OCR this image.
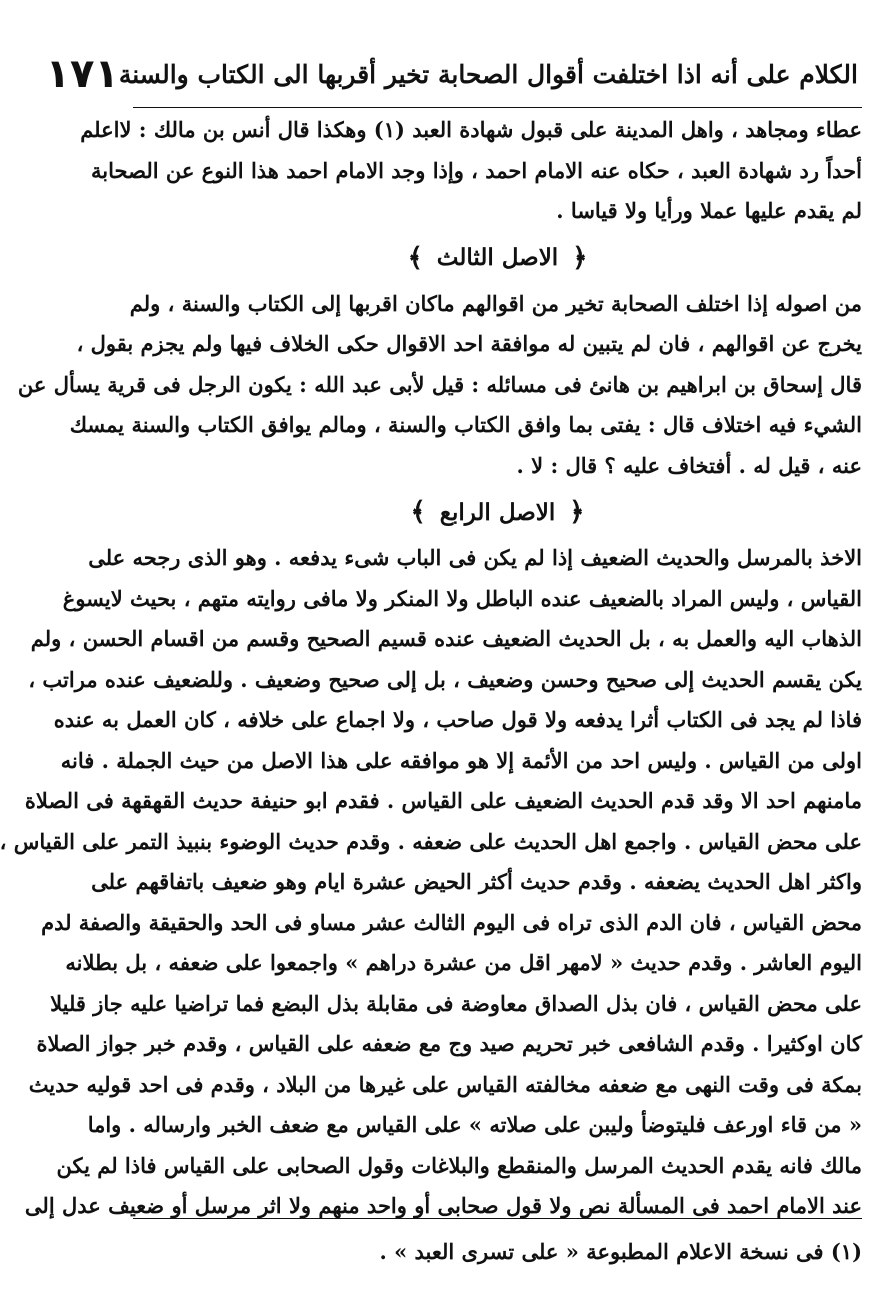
الكلام على أنه اذا اختلفت أقوال الصحابة تخير أقربها الى الكتاب والسنة
١٧١
عطاء ومجاهد ، واهل المدينة على قبول شهادة العبد (١) وهكذا قال أنس بن مالك : لااعلم
أحداً رد شهادة العبد ، حكاه عنه الامام احمد ، وإذا وجد الامام احمد هذا النوع عن الصحابة
لم يقدم عليها عملا ورأيا ولا قياسا .
﴿
الاصل الثالث
﴾
من اصوله إذا اختلف الصحابة تخير من اقوالهم ماكان اقربها إلى الكتاب والسنة ، ولم
يخرج عن اقوالهم ، فان لم يتبين له موافقة احد الاقوال حكى الخلاف فيها ولم يجزم بقول ،
قال إسحاق بن ابراهيم بن هانئ فى مسائله : قيل لأبى عبد الله : يكون الرجل فى قرية يسأل عن
الشيء فيه اختلاف قال : يفتى بما وافق الكتاب والسنة ، ومالم يوافق الكتاب والسنة يمسك
عنه ، قيل له . أفتخاف عليه ؟ قال : لا .
﴿
الاصل الرابع
﴾
الاخذ بالمرسل والحديث الضعيف إذا لم يكن فى الباب شىء يدفعه . وهو الذى رجحه على
القياس ، وليس المراد بالضعيف عنده الباطل ولا المنكر ولا مافى روايته متهم ، بحيث لايسوغ
الذهاب اليه والعمل به ، بل الحديث الضعيف عنده قسيم الصحيح وقسم من اقسام الحسن ، ولم
يكن يقسم الحديث إلى صحيح وحسن وضعيف ، بل إلى صحيح وضعيف . وللضعيف عنده مراتب ،
فاذا لم يجد فى الكتاب أثرا يدفعه ولا قول صاحب ، ولا اجماع على خلافه ، كان العمل به عنده
اولى من القياس . وليس احد من الأئمة إلا هو موافقه على هذا الاصل من حيث الجملة . فانه
مامنهم احد الا وقد قدم الحديث الضعيف على القياس . فقدم ابو حنيفة حديث القهقهة فى الصلاة
على محض القياس . واجمع اهل الحديث على ضعفه . وقدم حديث الوضوء بنبيذ التمر على القياس ،
واكثر اهل الحديث يضعفه . وقدم حديث أكثر الحيض عشرة ايام وهو ضعيف باتفاقهم على
محض القياس ، فان الدم الذى تراه فى اليوم الثالث عشر مساو فى الحد والحقيقة والصفة لدم
اليوم العاشر . وقدم حديث « لامهر اقل من عشرة دراهم » واجمعوا على ضعفه ، بل بطلانه
على محض القياس ، فان بذل الصداق معاوضة فى مقابلة بذل البضع فما تراضيا عليه جاز قليلا
كان اوكثيرا . وقدم الشافعى خبر تحريم صيد وج مع ضعفه على القياس ، وقدم خبر جواز الصلاة
بمكة فى وقت النهى مع ضعفه مخالفته القياس على غيرها من البلاد ، وقدم فى احد قوليه حديث
« من قاء اورعف فليتوضأ وليبن على صلاته » على القياس مع ضعف الخبر وارساله . واما
مالك فانه يقدم الحديث المرسل والمنقطع والبلاغات وقول الصحابى على القياس فاذا لم يكن
عند الامام احمد فى المسألة نص ولا قول صحابى أو واحد منهم ولا اثر مرسل أو ضعيف عدل إلى
(١) فى نسخة الاعلام المطبوعة « على تسرى العبد » .
